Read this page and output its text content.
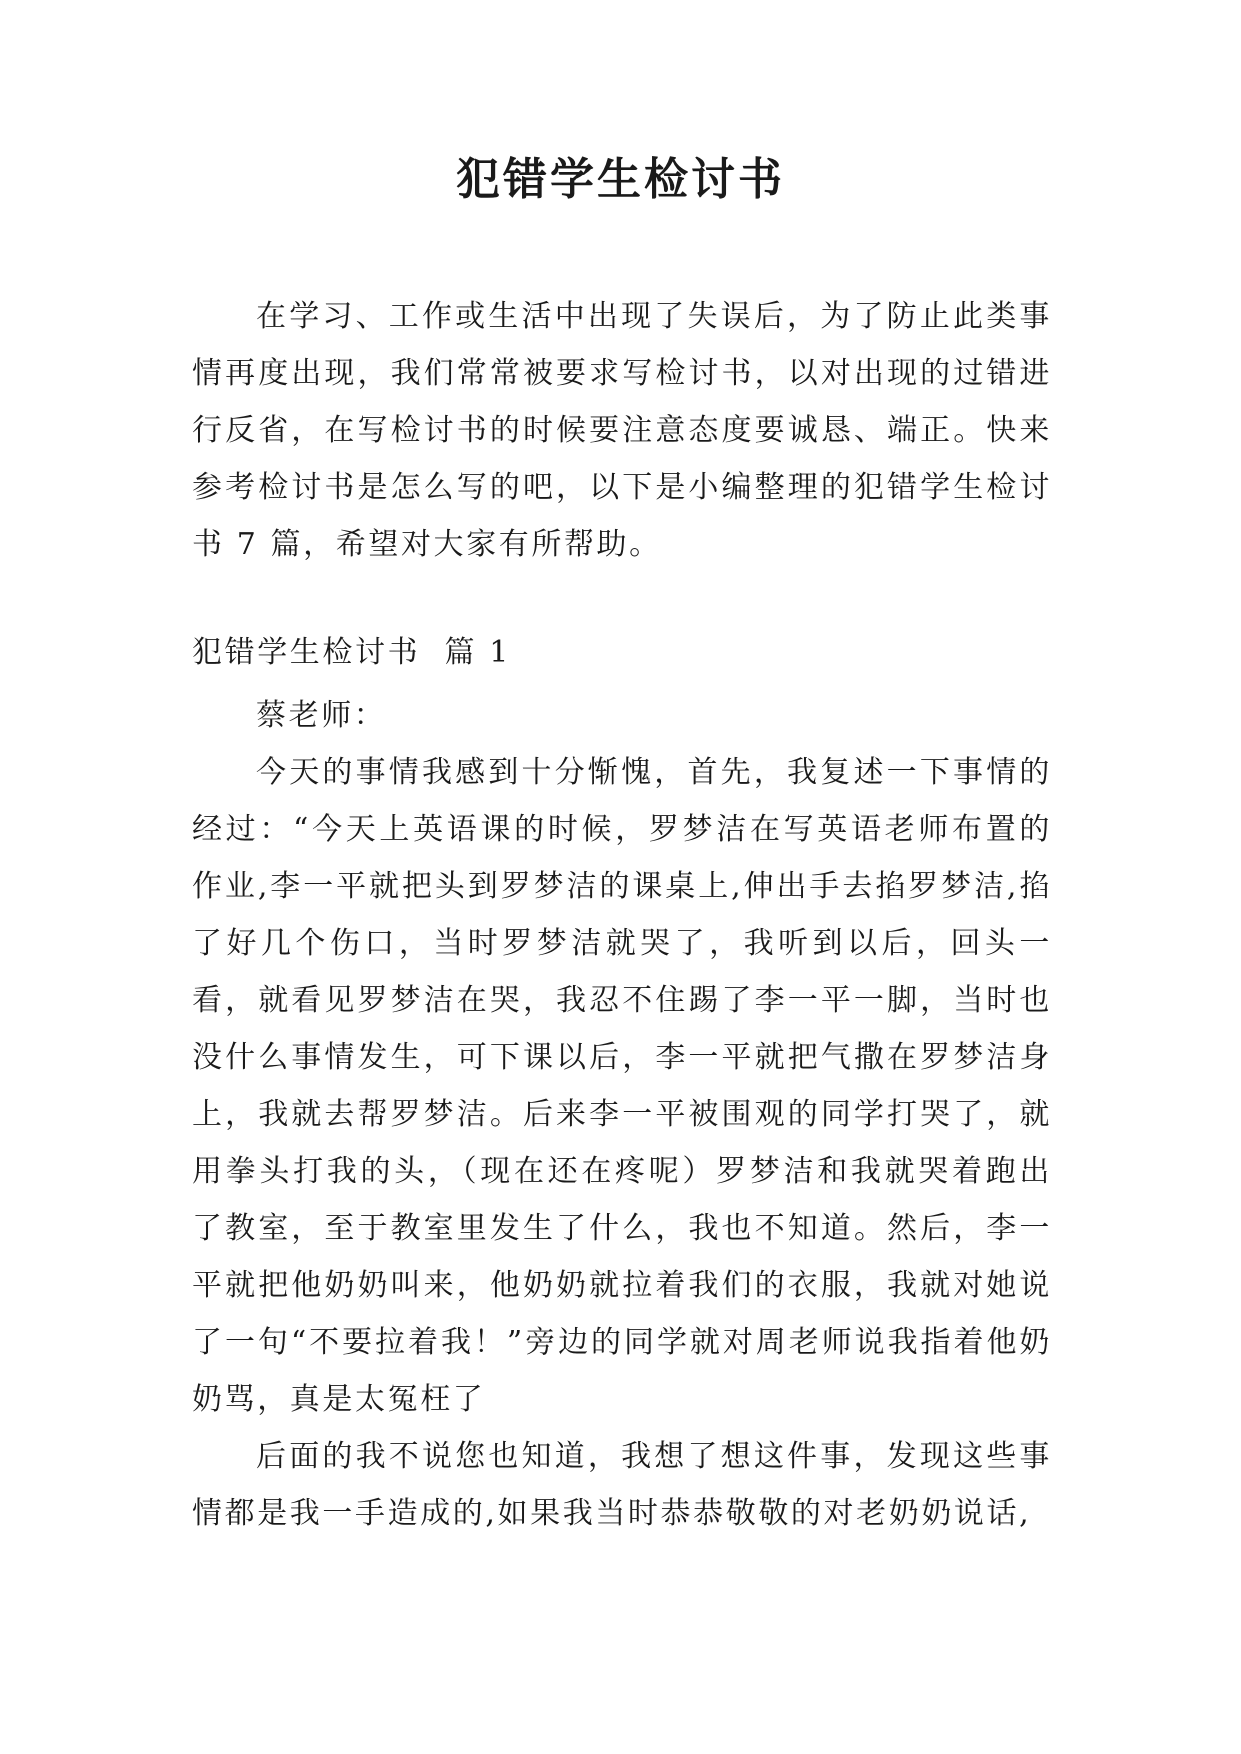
犯错学生检讨书

在学习、工作或生活中出现了失误后，为了防止此类事情再度出现，我们常常被要求写检讨书，以对出现的过错进行反省，在写检讨书的时候要注意态度要诚恳、端正。快来参考检讨书是怎么写的吧，以下是小编整理的犯错学生检讨书 7 篇，希望对大家有所帮助。

犯错学生检讨书  篇 1

蔡老师：

今天的事情我感到十分惭愧，首先，我复述一下事情的经过：“今天上英语课的时候，罗梦洁在写英语老师布置的作业,李一平就把头到罗梦洁的课桌上,伸出手去掐罗梦洁,掐了好几个伤口，当时罗梦洁就哭了，我听到以后，回头一看，就看见罗梦洁在哭，我忍不住踢了李一平一脚，当时也没什么事情发生，可下课以后，李一平就把气撒在罗梦洁身上，我就去帮罗梦洁。后来李一平被围观的同学打哭了，就用拳头打我的头，（现在还在疼呢）罗梦洁和我就哭着跑出了教室，至于教室里发生了什么，我也不知道。然后，李一平就把他奶奶叫来，他奶奶就拉着我们的衣服，我就对她说了一句“不要拉着我！”旁边的同学就对周老师说我指着他奶奶骂，真是太冤枉了

后面的我不说您也知道，我想了想这件事，发现这些事情都是我一手造成的,如果我当时恭恭敬敬的对老奶奶说话,
